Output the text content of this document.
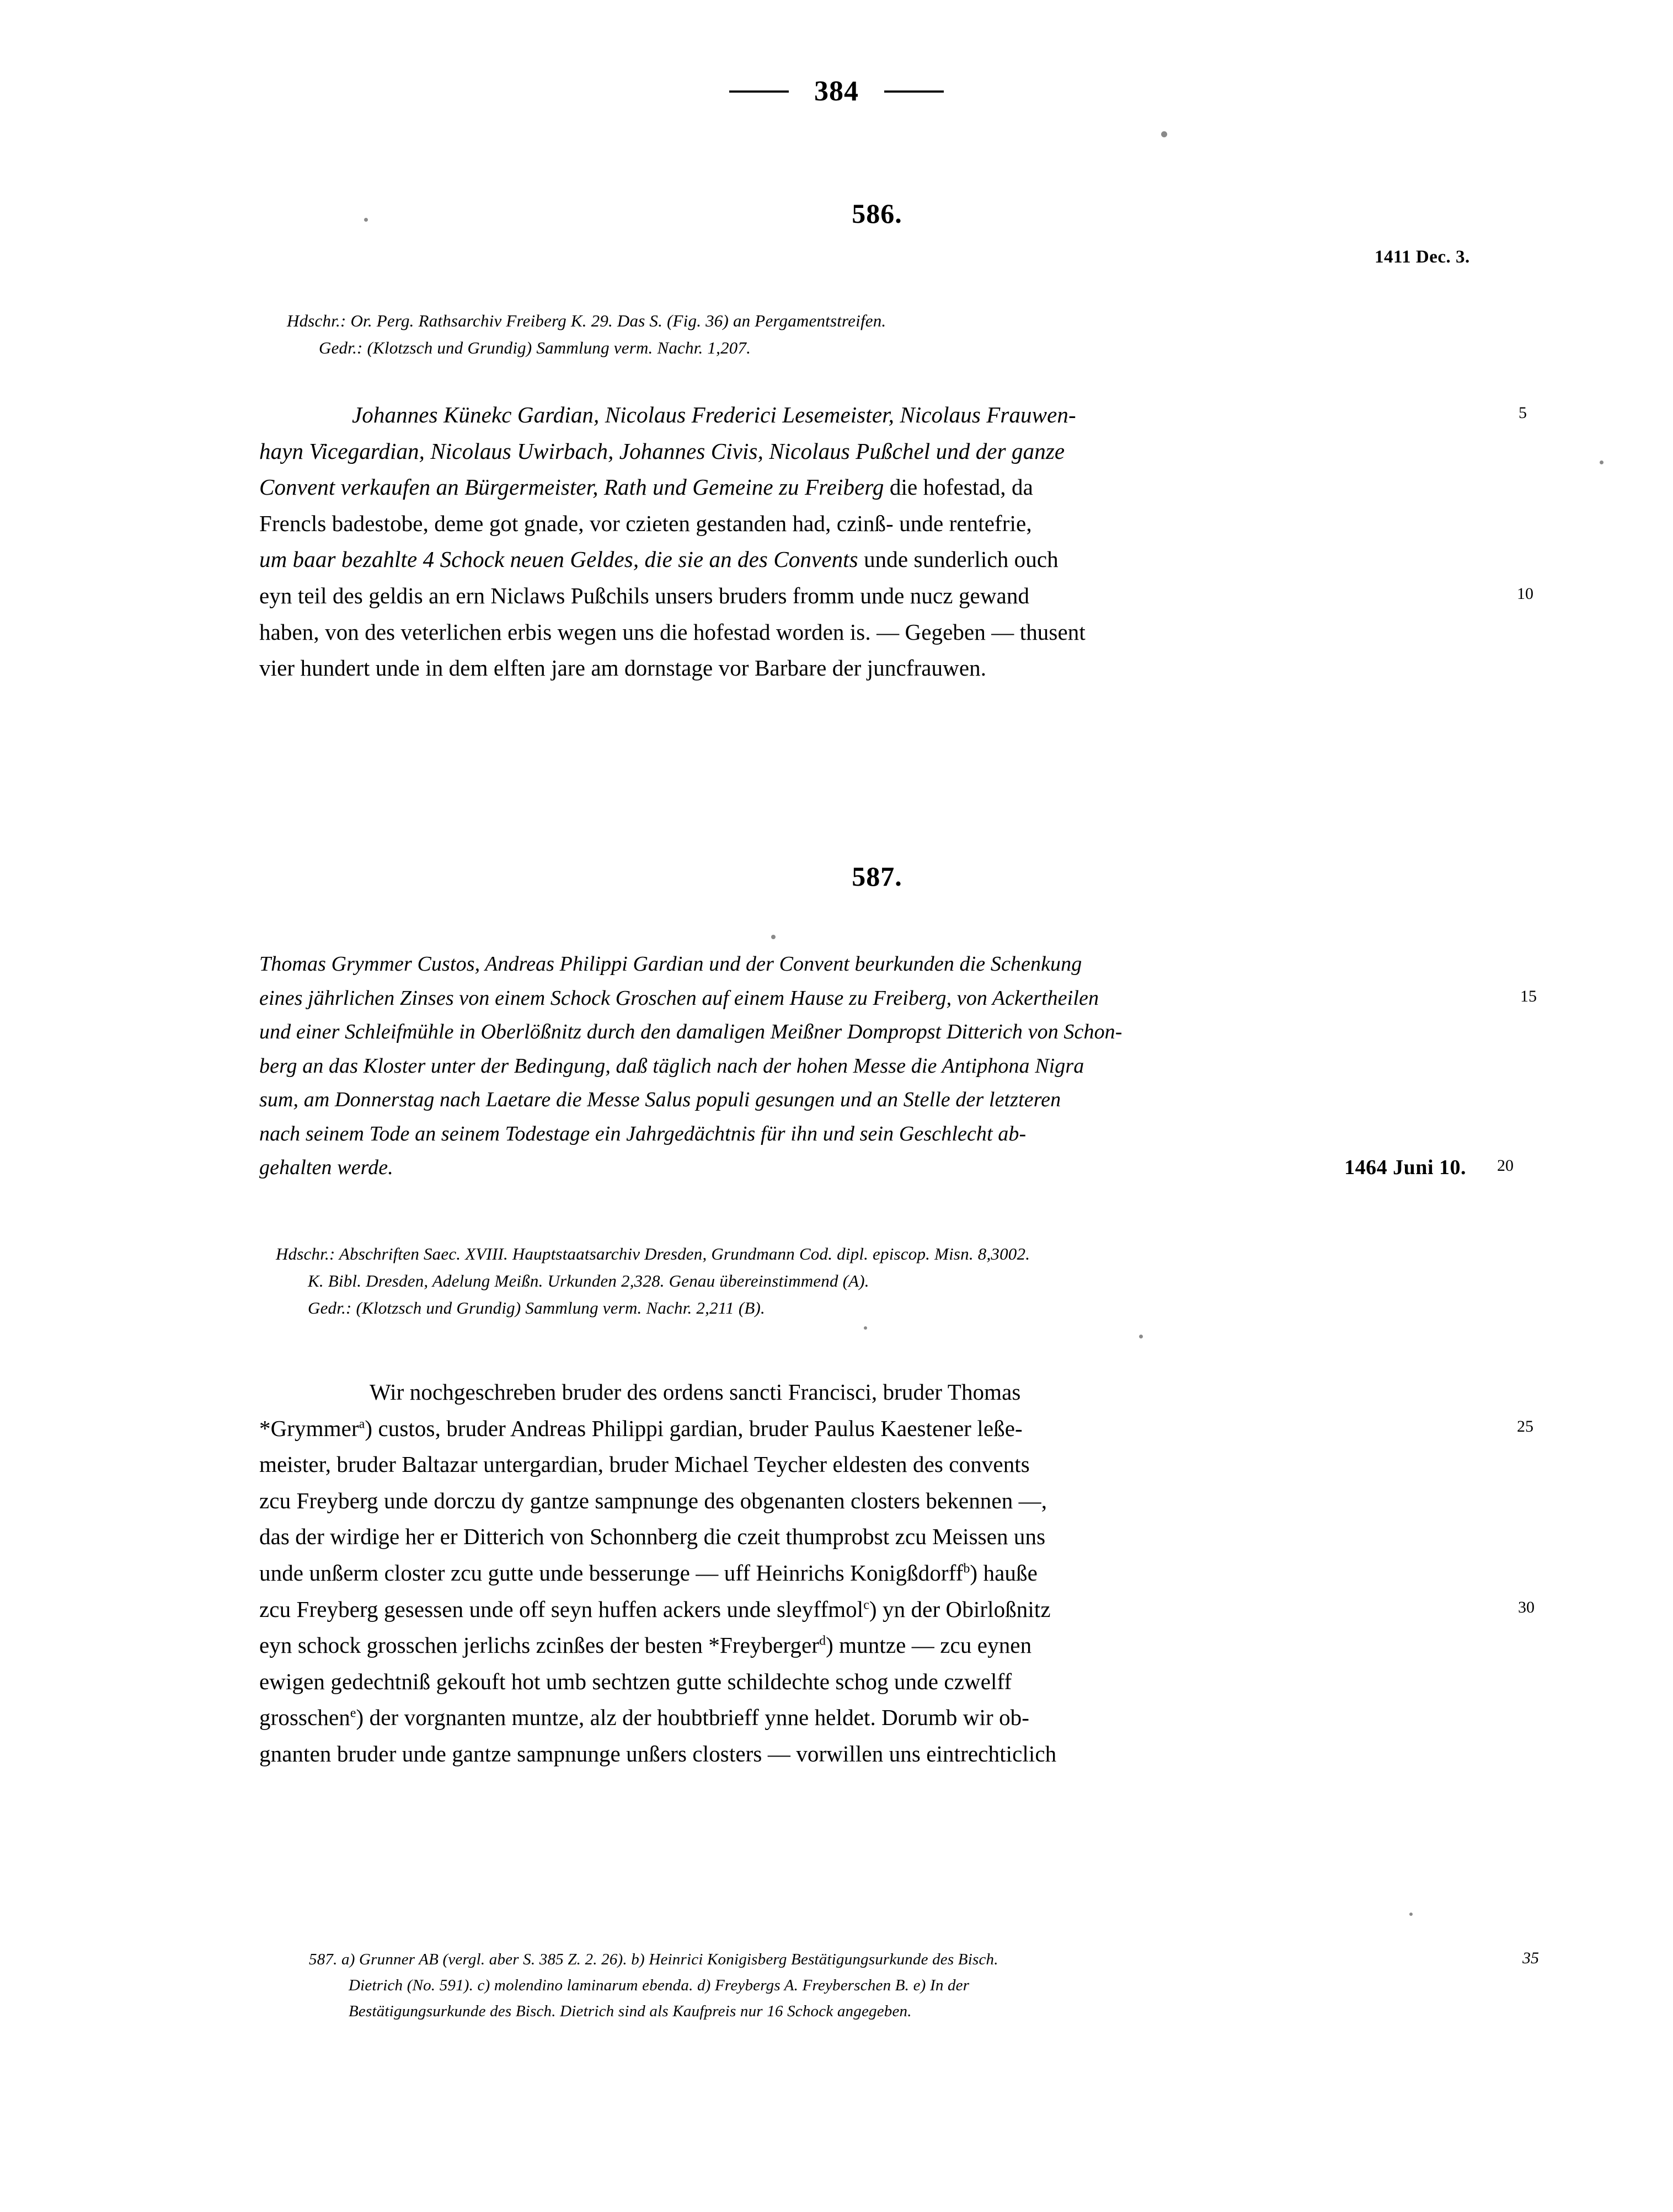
384
586.
1411 Dec. 3.
Hdschr.: Or. Perg. Rathsarchiv Freiberg K. 29. Das S. (Fig. 36) an Pergamentstreifen.
Gedr.: (Klotzsch und Grundig) Sammlung verm. Nachr. 1,207.
Johannes Künekc Gardian, Nicolaus Frederici Lesemeister, Nicolaus Frauwen-	5
hayn Vicegardian, Nicolaus Uwirbach, Johannes Civis, Nicolaus Pußchel und der ganze
Convent verkaufen an Bürgermeister, Rath und Gemeine zu Freiberg die hofestad, da
Frencls badestobe, deme got gnade, vor czieten gestanden had, czinß- unde rentefrie,
um baar bezahlte 4 Schock neuen Geldes, die sie an des Convents unde sunderlich ouch
eyn teil des geldis an ern Niclaws Pußchils unsers bruders fromm unde nucz gewand	10
haben, von des veterlichen erbis wegen uns die hofestad worden is. — Gegeben — thusent
vier hundert unde in dem elften jare am dornstage vor Barbare der juncfrauwen.
587.
Thomas Grymmer Custos, Andreas Philippi Gardian und der Convent beurkunden die Schenkung
eines jährlichen Zinses von einem Schock Groschen auf einem Hause zu Freiberg, von Ackertheilen	15
und einer Schleifmühle in Oberlößnitz durch den damaligen Meißner Dompropst Ditterich von Schon-
berg an das Kloster unter der Bedingung, daß täglich nach der hohen Messe die Antiphona Nigra
sum, am Donnerstag nach Laetare die Messe Salus populi gesungen und an Stelle der letzteren
nach seinem Tode an seinem Todestage ein Jahrgedächtnis für ihn und sein Geschlecht ab-
gehalten werde.	1464 Juni 10. 20
Hdschr.: Abschriften Saec. XVIII. Hauptstaatsarchiv Dresden, Grundmann Cod. dipl. episcop. Misn. 8,3002.
K. Bibl. Dresden, Adelung Meißn. Urkunden 2,328. Genau übereinstimmend (A).
Gedr.: (Klotzsch und Grundig) Sammlung verm. Nachr. 2,211 (B).
Wir nochgeschreben bruder des ordens sancti Francisci, bruder Thomas
*Grymmer$^a$) custos, bruder Andreas Philippi gardian, bruder Paulus Kaestener leße-	25
meister, bruder Baltazar untergardian, bruder Michael Teycher eldesten des convents
zcu Freyberg unde dorczu dy gantze sampnunge des obgenanten closters bekennen —,
das der wirdige her er Ditterich von Schonnberg die czeit thumprobst zcu Meissen uns
unde unßerm closter zcu gutte unde besserunge — uff Heinrichs Konigßdorff$^b$) hauße
zcu Freyberg gesessen unde off seyn huffen ackers unde sleyffmol$^c$) yn der Obirloßnitz	30
eyn schock grosschen jerlichs zcinßes der besten *Freyberger$^d$) muntze — zcu eynen
ewigen gedechtniß gekouft hot umb sechtzen gutte schildechte schog unde czwelff
grosschen$^e$) der vorgnanten muntze, alz der houbtbrieff ynne heldet. Dorumb wir ob-
gnanten bruder unde gantze sampnunge unßers closters — vorwillen uns eintrechticlich
587. a) Grunner AB (vergl. aber S. 385 Z. 2. 26). b) Heinrici Konigisberg Bestätigungsurkunde des Bisch.	35
Dietrich (No. 591). c) molendino laminarum ebenda. d) Freybergs A. Freyberschen B. e) In der
Bestätigungsurkunde des Bisch. Dietrich sind als Kaufpreis nur 16 Schock angegeben.
